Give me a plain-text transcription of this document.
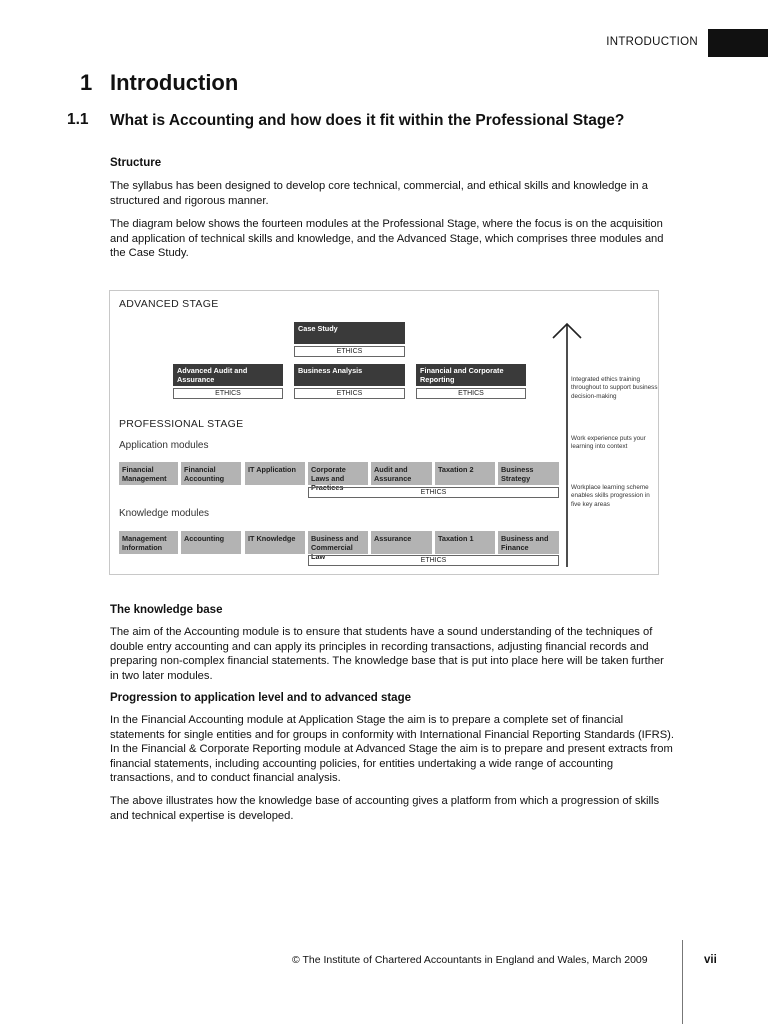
INTRODUCTION
1 Introduction
1.1 What is Accounting and how does it fit within the Professional Stage?
Structure
The syllabus has been designed to develop core technical, commercial, and ethical skills and knowledge in a structured and rigorous manner.
The diagram below shows the fourteen modules at the Professional Stage, where the focus is on the acquisition and application of technical skills and knowledge, and the Advanced Stage, which comprises three modules and the Case Study.
ADVANCED STAGE
Case Study
ETHICS
Advanced Audit and Assurance
Business Analysis	Financial and Corporate Reporting
ETHICS	ETHICS	ETHICS
PROFESSIONAL STAGE
Application modules
Financial Management
Financial Accounting
IT Application	Corporate Laws and Practices
Audit and Assurance
Taxation 2	Business Strategy
ETHICS
Knowledge modules
Management Information
Accounting	IT Knowledge	Business and Commercial Law
Assurance	Taxation 1	Business and Finance
ETHICS
Integrated ethics training throughout to support business decision-making
Work experience puts your learning into context
Workplace learning scheme enables skills progression in five key areas
The knowledge base
The aim of the Accounting module is to ensure that students have a sound understanding of the techniques of double entry accounting and can apply its principles in recording transactions, adjusting financial records and preparing non-complex financial statements. The knowledge base that is put into place here will be taken further in two later modules.
Progression to application level and to advanced stage
In the Financial Accounting module at Application Stage the aim is to prepare a complete set of financial statements for single entities and for groups in conformity with International Financial Reporting Standards (IFRS). In the Financial & Corporate Reporting module at Advanced Stage the aim is to prepare and present extracts from financial statements, including accounting policies, for entities undertaking a wide range of accounting transactions, and to conduct financial analysis.
The above illustrates how the knowledge base of accounting gives a platform from which a progression of skills and technical expertise is developed.
© The Institute of Chartered Accountants in England and Wales, March 2009	vii
